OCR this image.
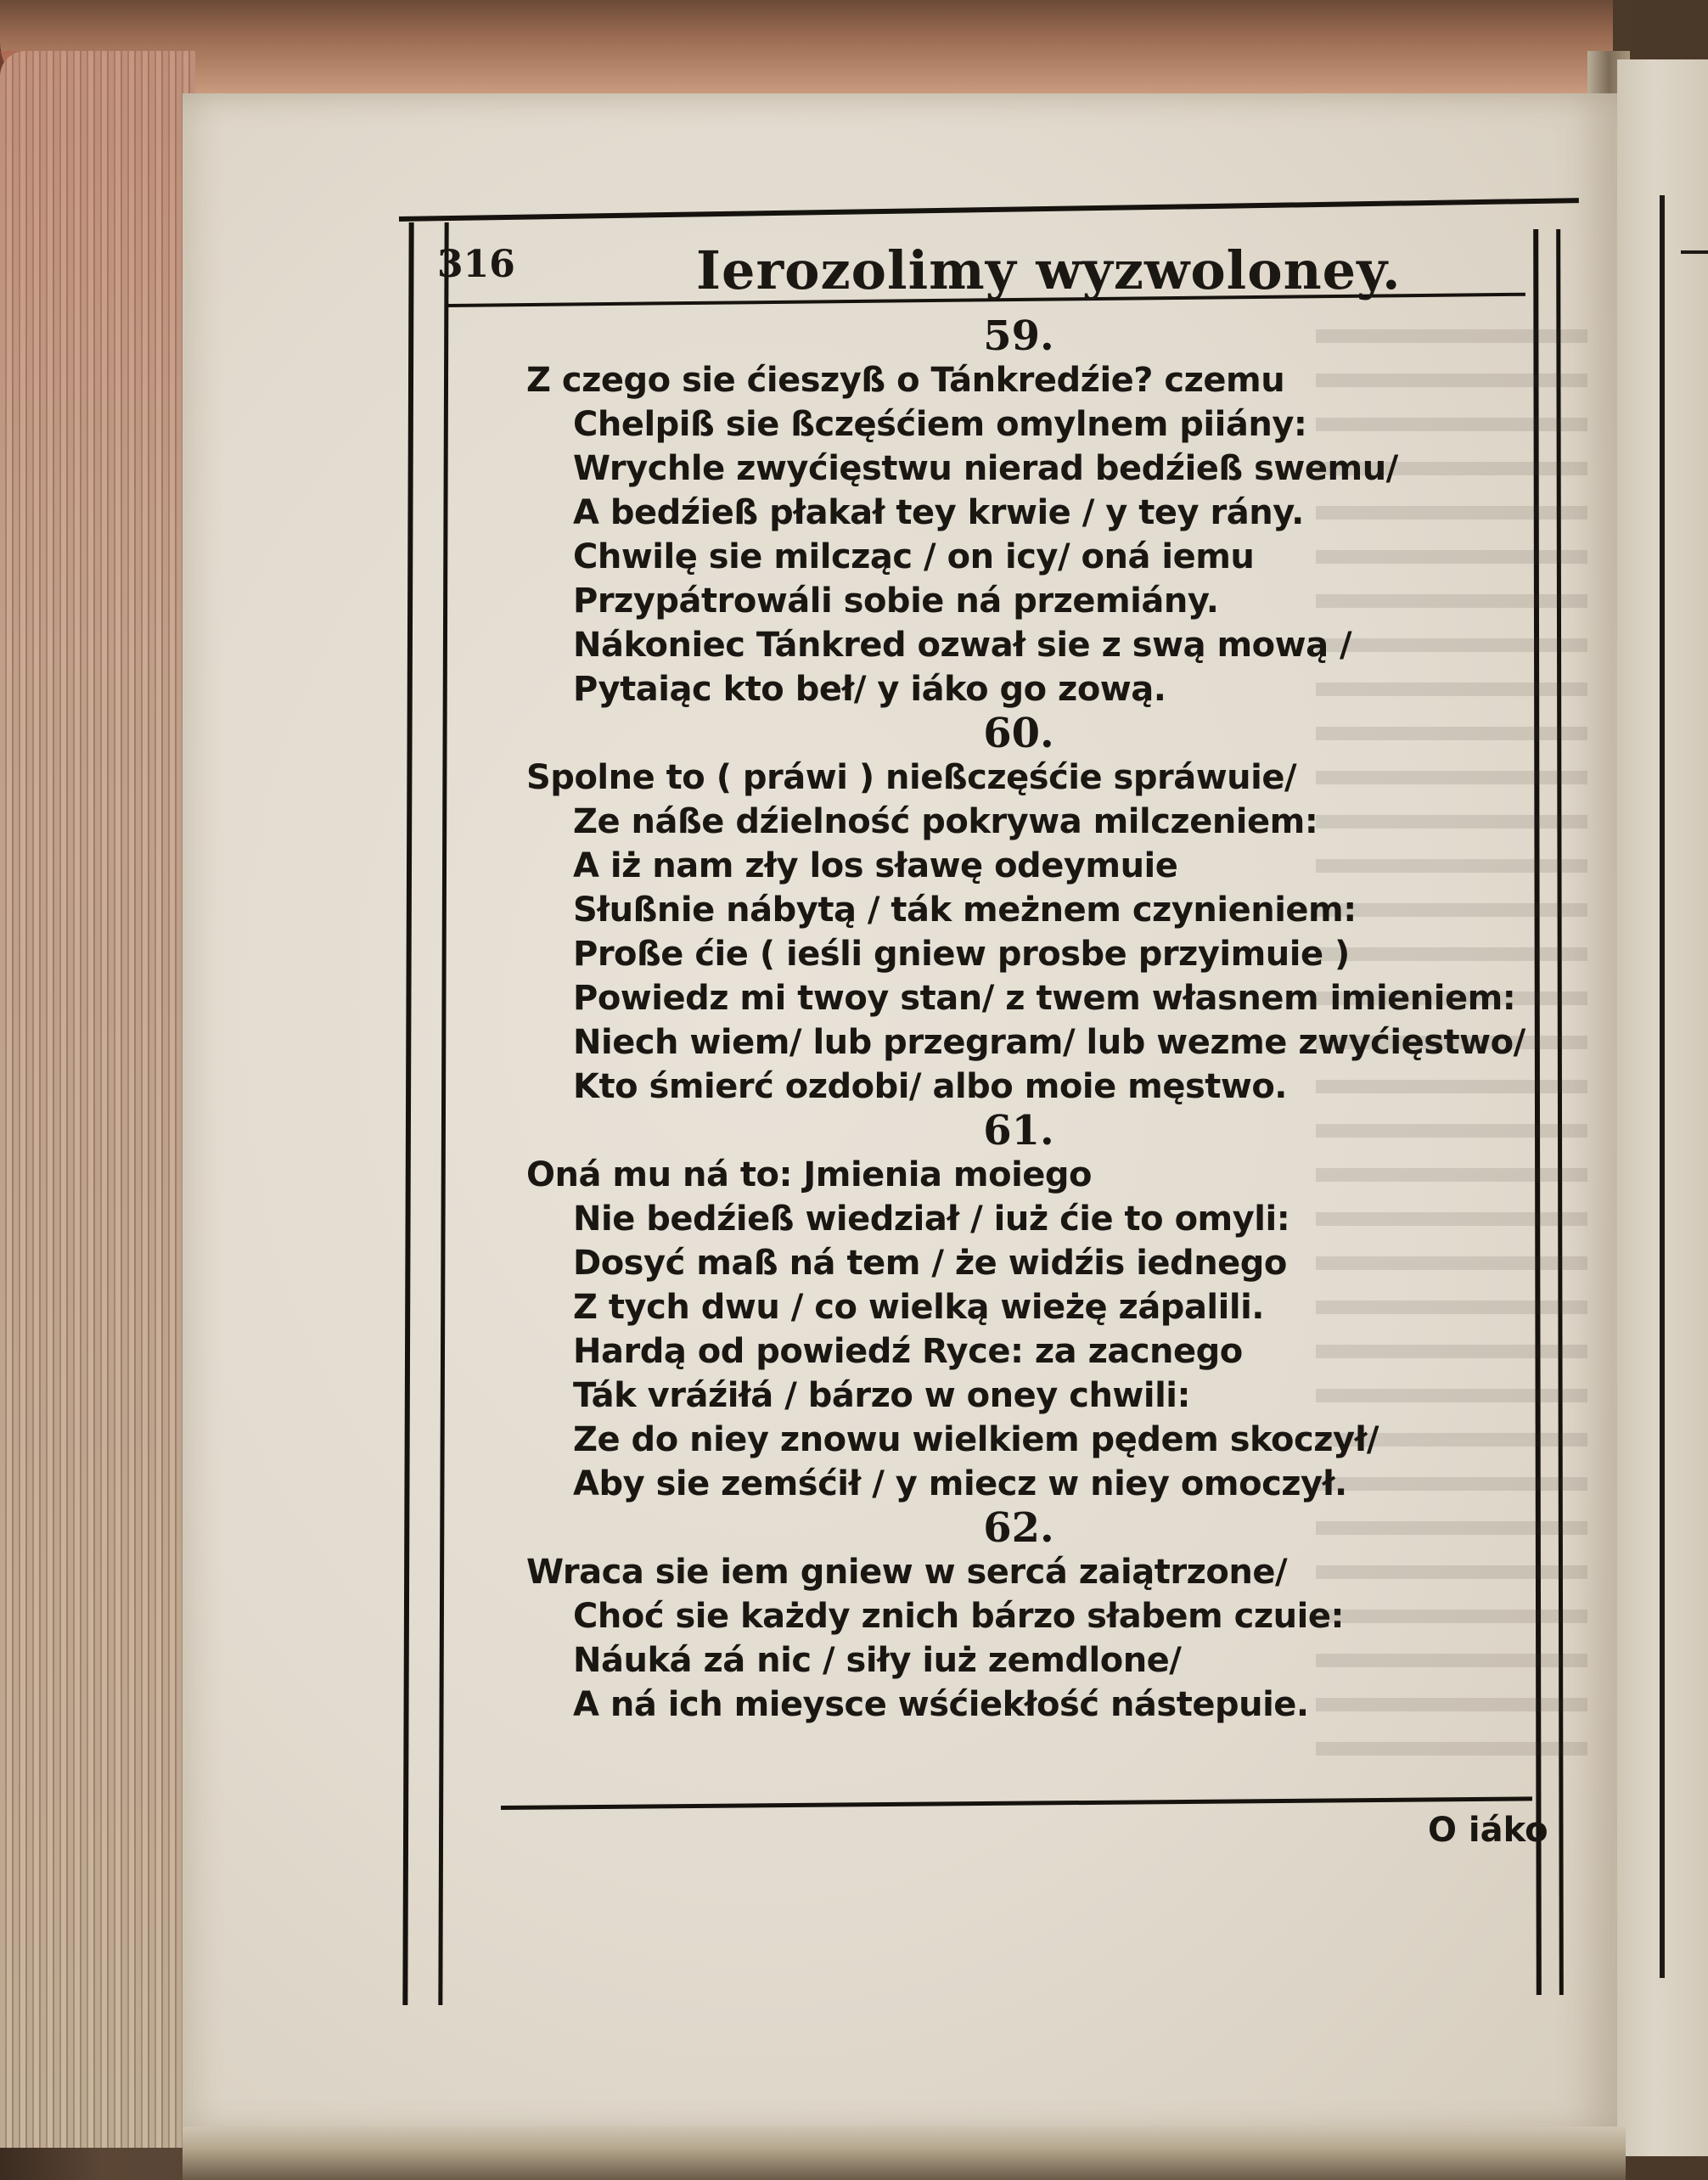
316	Ierozolimy wyzwoloney.
59.
Z czego sie ćieszyß o Tánkredźie? czemu
Chelpiß sie ßczęśćiem omylnem piiány:
Wrychle zwyćięstwu nierad bedźieß swemu/
A bedźieß płakał tey krwie / y tey rány.
Chwilę sie milcząc / on icy/ oná iemu
Przypátrowáli sobie ná przemiány.
Nákoniec Tánkred ozwał sie z swą mową /
Pytaiąc kto beł/ y iáko go zową.
60.
Spolne to ( práwi ) nießczęśćie spráwuie/
Ze náße dźielność pokrywa milczeniem:
A iż nam zły los sławę odeymuie
Słußnie nábytą / ták meżnem czynieniem:
Proße ćie ( ieśli gniew prosbe przyimuie )
Powiedz mi twoy stan/ z twem własnem imieniem:
Niech wiem/ lub przegram/ lub wezme zwyćięstwo/
Kto śmierć ozdobi/ albo moie męstwo.
61.
Oná mu ná to: Jmienia moiego
Nie bedźieß wiedział / iuż ćie to omyli:
Dosyć maß ná tem / że widźis iednego
Z tych dwu / co wielką wieżę zápalili.
Hardą od powiedź Ryce: za zacnego
Ták vráźiłá / bárzo w oney chwili:
Ze do niey znowu wielkiem pędem skoczył/
Aby sie zemśćił / y miecz w niey omoczył.
62.
Wraca sie iem gniew w sercá zaiątrzone/
Choć sie każdy znich bárzo słabem czuie:
Náuká zá nic / siły iuż zemdlone/
A ná ich mieysce wśćiekłość nástepuie.
O iáko
